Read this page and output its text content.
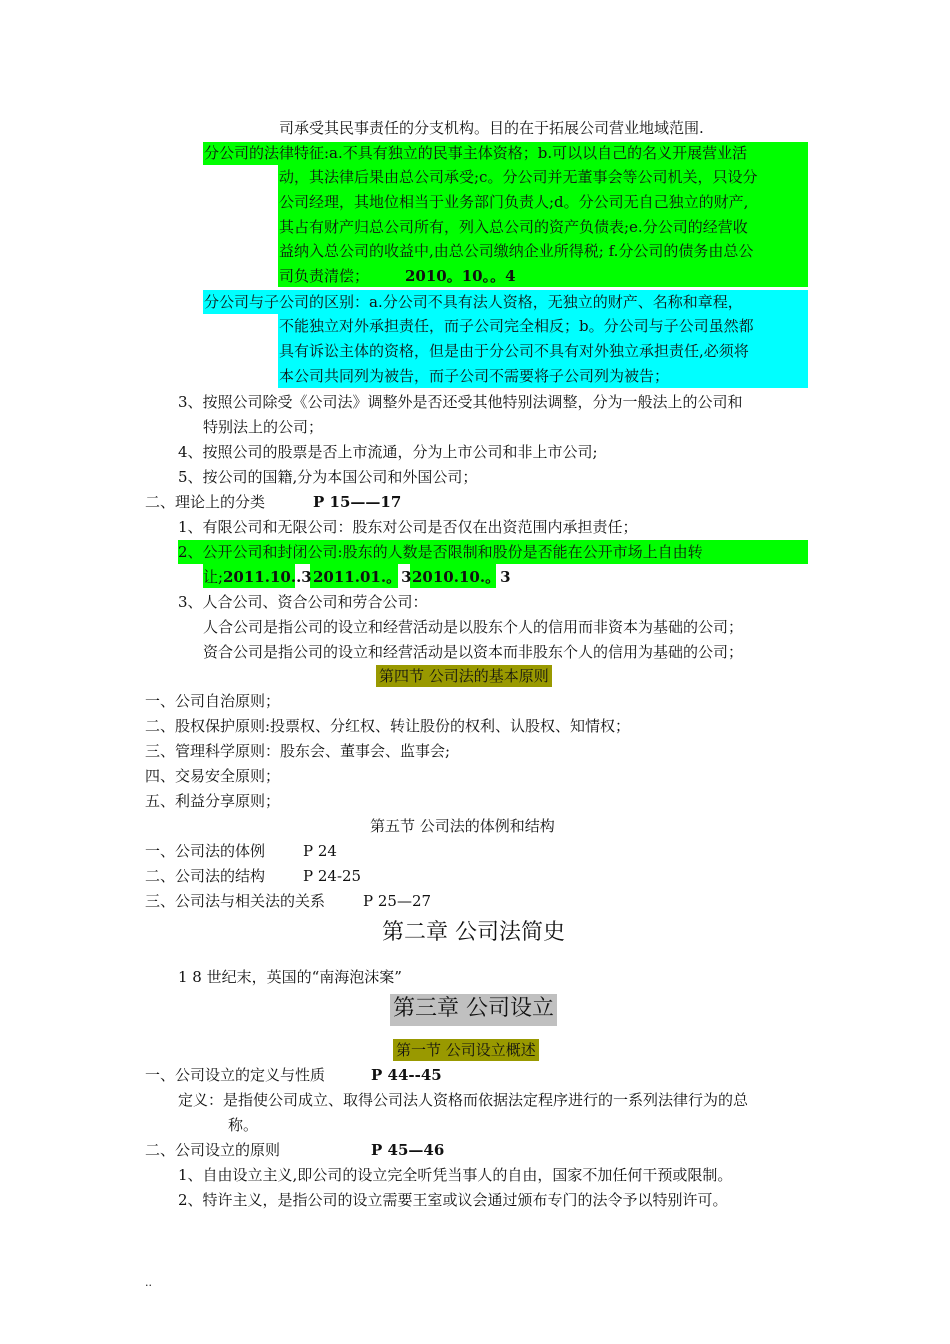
司承受其民事责任的分支机构。目的在于拓展公司营业地域范围.
分公司的法律特征:a.不具有独立的民事主体资格；b.可以以自己的名义开展营业活
动，其法律后果由总公司承受;c。分公司并无董事会等公司机关，只设分
公司经理，其地位相当于业务部门负责人;d。分公司无自己独立的财产,
其占有财产归总公司所有，列入总公司的资产负债表;e.分公司的经营收
益纳入总公司的收益中,由总公司缴纳企业所得税; f.分公司的债务由总公
司负责清偿； 2010。10。。4
分公司与子公司的区别：a.分公司不具有法人资格，无独立的财产、名称和章程，
不能独立对外承担责任，而子公司完全相反；b。分公司与子公司虽然都
具有诉讼主体的资格，但是由于分公司不具有对外独立承担责任,必须将
本公司共同列为被告，而子公司不需要将子公司列为被告；
3、按照公司除受《公司法》调整外是否还受其他特别法调整，分为一般法上的公司和
特别法上的公司；
4、按照公司的股票是否上市流通，分为上市公司和非上市公司;
5、按公司的国籍,分为本国公司和外国公司；
二、理论上的分类	P 15——17
1、有限公司和无限公司：股东对公司是否仅在出资范围内承担责任；
2、公开公司和封闭公司:股东的人数是否限制和股份是否能在公开市场上自由转
让; 2011.10..3 2011.01.。3 2010.10.。3
3、人合公司、资合公司和劳合公司：
人合公司是指公司的设立和经营活动是以股东个人的信用而非资本为基础的公司；
资合公司是指公司的设立和经营活动是以资本而非股东个人的信用为基础的公司；
第四节 公司法的基本原则
一、公司自治原则；
二、股权保护原则:投票权、分红权、转让股份的权利、认股权、知情权；
三、管理科学原则：股东会、董事会、监事会;
四、交易安全原则；
五、利益分享原则；
第五节 公司法的体例和结构
一、公司法的体例	P 24
二、公司法的结构	P 24-25
三、公司法与相关法的关系	P 25—27
第二章 公司法简史
1 8 世纪末，英国的“南海泡沫案”
第三章 公司设立
第一节 公司设立概述
一、公司设立的定义与性质	P 44--45
定义：是指使公司成立、取得公司法人资格而依据法定程序进行的一系列法律行为的总
称。
二、公司设立的原则	P 45—46
1、自由设立主义,即公司的设立完全听凭当事人的自由，国家不加任何干预或限制。
2、特许主义，是指公司的设立需要王室或议会通过颁布专门的法令予以特别许可。
..
